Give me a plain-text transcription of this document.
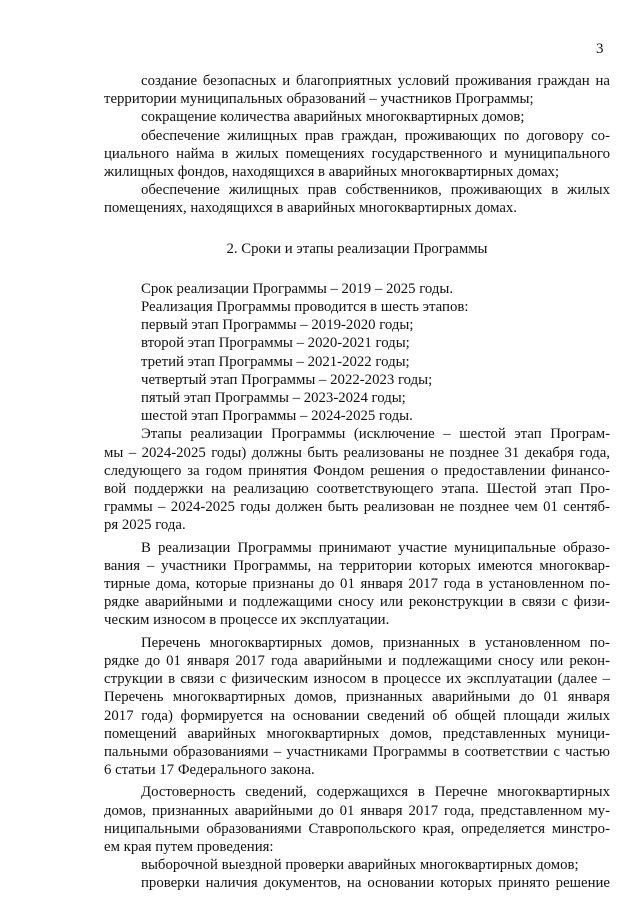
3
создание безопасных и благоприятных условий проживания граждан на
территории муниципальных образований – участников Программы;
сокращение количества аварийных многоквартирных домов;
обеспечение жилищных прав граждан, проживающих по договору со-
циального найма в жилых помещениях государственного и муниципального
жилищных фондов, находящихся в аварийных многоквартирных домах;
обеспечение жилищных прав собственников, проживающих в жилых
помещениях, находящихся в аварийных многоквартирных домах.
2. Сроки и этапы реализации Программы
Срок реализации Программы – 2019 – 2025 годы.
Реализация Программы проводится в шесть этапов:
первый этап Программы – 2019-2020 годы;
второй этап Программы – 2020-2021 годы;
третий этап Программы – 2021-2022 годы;
четвертый этап Программы – 2022-2023 годы;
пятый этап Программы – 2023-2024 годы;
шестой этап Программы – 2024-2025 годы.
Этапы реализации Программы (исключение – шестой этап Програм-
мы – 2024-2025 годы) должны быть реализованы не позднее 31 декабря года,
следующего за годом принятия Фондом решения о предоставлении финансо-
вой поддержки на реализацию соответствующего этапа. Шестой этап Про-
граммы – 2024-2025 годы должен быть реализован не позднее чем 01 сентяб-
ря 2025 года.
В реализации Программы принимают участие муниципальные образо-
вания – участники Программы, на территории которых имеются многоквар-
тирные дома, которые признаны до 01 января 2017 года в установленном по-
рядке аварийными и подлежащими сносу или реконструкции в связи с физи-
ческим износом в процессе их эксплуатации.
Перечень многоквартирных домов, признанных в установленном по-
рядке до 01 января 2017 года аварийными и подлежащими сносу или рекон-
струкции в связи с физическим износом в процессе их эксплуатации (далее –
Перечень многоквартирных домов, признанных аварийными до 01 января
2017 года) формируется на основании сведений об общей площади жилых
помещений аварийных многоквартирных домов, представленных муници-
пальными образованиями – участниками Программы в соответствии с частью
6 статьи 17 Федерального закона.
Достоверность сведений, содержащихся в Перечне многоквартирных
домов, признанных аварийными до 01 января 2017 года, представленном му-
ниципальными образованиями Ставропольского края, определяется минстро-
ем края путем проведения:
выборочной выездной проверки аварийных многоквартирных домов;
проверки наличия документов, на основании которых принято решение
